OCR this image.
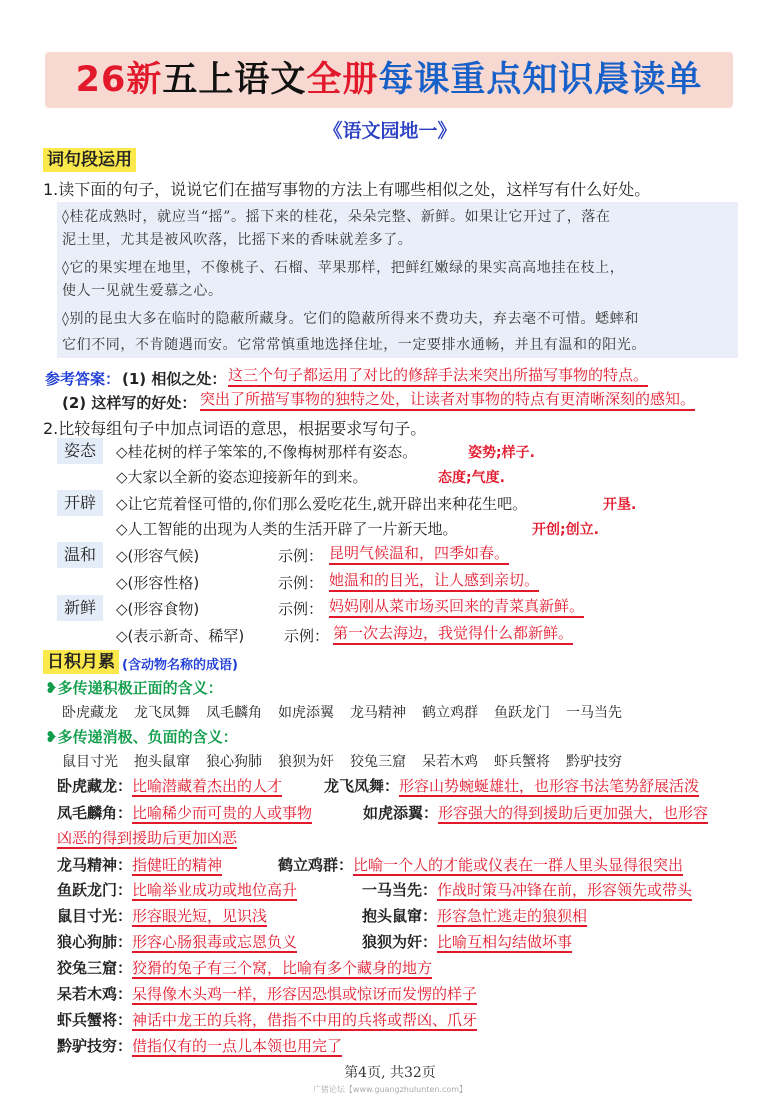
26新五上语文全册每课重点知识晨读单
《语文园地一》
词句段运用
1.读下面的句子，说说它们在描写事物的方法上有哪些相似之处，这样写有什么好处。
◊桂花成熟时，就应当“摇”。摇下来的桂花，朵朵完整、新鲜。如果让它开过了，落在
泥土里，尤其是被风吹落，比摇下来的香味就差多了。
◊它的果实埋在地里，不像桃子、石榴、苹果那样，把鲜红嫩绿的果实高高地挂在枝上，
使人一见就生爱慕之心。
◊别的昆虫大多在临时的隐蔽所藏身。它们的隐蔽所得来不费功夫，弃去毫不可惜。蟋蟀和
它们不同，不肯随遇而安。它常常慎重地选择住址，一定要排水通畅，并且有温和的阳光。
参考答案： (1) 相似之处： 这三个句子都运用了对比的修辞手法来突出所描写事物的特点。
(2) 这样写的好处： 突出了所描写事物的独特之处，让读者对事物的特点有更清晰深刻的感知。
2.比较每组句子中加点词语的意思，根据要求写句子。
姿态	◇桂花树的样子笨笨的,不像梅树那样有姿态。	姿势;样子.
◇大家以全新的姿态迎接新年的到来。	态度;气度.
开辟	◇让它荒着怪可惜的,你们那么爱吃花生,就开辟出来种花生吧。	开垦.
◇人工智能的出现为人类的生活开辟了一片新天地。	开创;创立.
温和	◇(形容气候)	示例： 昆明气候温和，四季如春。
◇(形容性格)	示例： 她温和的目光，让人感到亲切。
新鲜	◇(形容食物)	示例： 妈妈刚从菜市场买回来的青菜真新鲜。
◇(表示新奇、稀罕)	示例： 第一次去海边，我觉得什么都新鲜。
日积月累 (含动物名称的成语)
❥多传递积极正面的含义：
卧虎藏龙 龙飞凤舞 凤毛麟角 如虎添翼 龙马精神 鹤立鸡群 鱼跃龙门 一马当先
❥多传递消极、负面的含义：
鼠目寸光 抱头鼠窜 狼心狗肺 狼狈为奸 狡兔三窟 呆若木鸡 虾兵蟹将 黔驴技穷
卧虎藏龙：比喻潜藏着杰出的人才	龙飞凤舞：形容山势蜿蜒雄壮，也形容书法笔势舒展活泼
凤毛麟角：比喻稀少而可贵的人或事物	如虎添翼：形容强大的得到援助后更加强大，也形容
凶恶的得到援助后更加凶恶
龙马精神：指健旺的精神	鹤立鸡群：比喻一个人的才能或仪表在一群人里头显得很突出
鱼跃龙门：比喻举业成功或地位高升	一马当先：作战时策马冲锋在前，形容领先或带头
鼠目寸光：形容眼光短，见识浅	抱头鼠窜：形容急忙逃走的狼狈相
狼心狗肺：形容心肠狠毒或忘恩负义	狼狈为奸：比喻互相勾结做坏事
狡兔三窟：狡猾的兔子有三个窝，比喻有多个藏身的地方
呆若木鸡：呆得像木头鸡一样，形容因恐惧或惊讶而发愣的样子
虾兵蟹将：神话中龙王的兵将，借指不中用的兵将或帮凶、爪牙
黔驴技穷：借指仅有的一点儿本领也用完了
第4页, 共32页
广猪论坛【www.guangzhulunten.com】
